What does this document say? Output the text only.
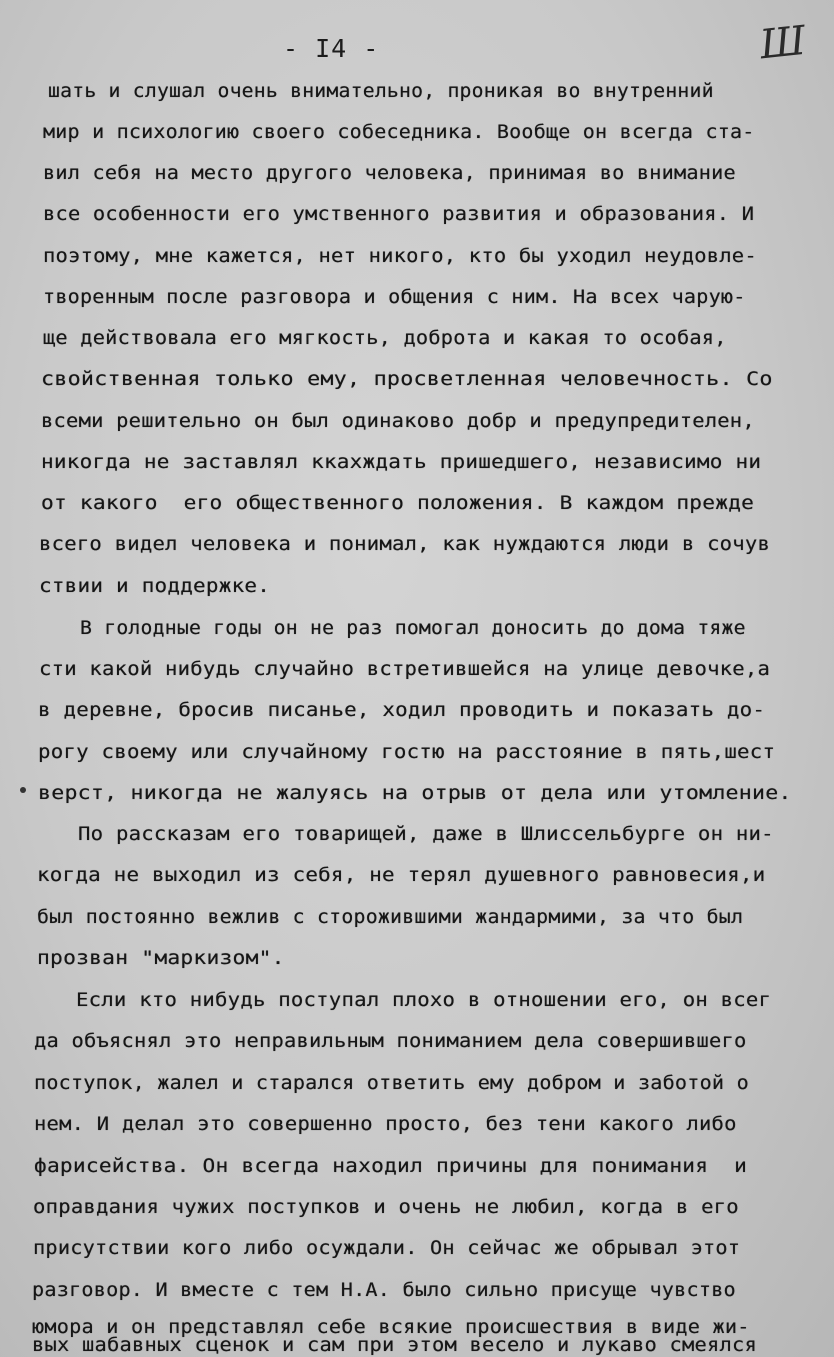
- I4 -	Ш
шать и слушал очень внимательно, проникая во внутренний
мир и психологию своего собеседника. Вообще он всегда ста-
вил себя на место другого человека, принимая во внимание
все особенности его умственного развития и образования. И
поэтому, мне кажется, нет никого, кто бы уходил неудовле-
творенным после разговора и общения с ним. На всех чарую-
ще действовала его мягкость, доброта и какая то особая,
свойственная только ему, просветленная человечность. Со
всеми решительно он был одинаково добр и предупредителен,
никогда не заставлял ккахждать пришедшего, независимо ни
от какого  его общественного положения. В каждом прежде
всего видел человека и понимал, как нуждаются люди в сочув
ствии и поддержке.
В голодные годы он не раз помогал доносить до дома тяже
сти какой нибудь случайно встретившейся на улице девочке,а
в деревне, бросив писанье, ходил проводить и показать до-
рогу своему или случайному гостю на расстояние в пять,шест
верст, никогда не жалуясь на отрыв от дела или утомление.
По рассказам его товарищей, даже в Шлиссельбурге он ни-
когда не выходил из себя, не терял душевного равновесия,и
был постоянно вежлив с сторожившими жандармими, за что был
прозван "маркизом".
Если кто нибудь поступал плохо в отношении его, он всег
да объяснял это неправильным пониманием дела совершившего
поступок, жалел и старался ответить ему добром и заботой о
нем. И делал это совершенно просто, без тени какого либо
фарисейства. Он всегда находил причины для понимания  и
оправдания чужих поступков и очень не любил, когда в его
присутствии кого либо осуждали. Он сейчас же обрывал этот
разговор. И вместе с тем Н.А. было сильно присуще чувство
юмора и он представлял себе всякие происшествия в виде жи-
вых шабавных сценок и сам при этом весело и лукаво смеялся
